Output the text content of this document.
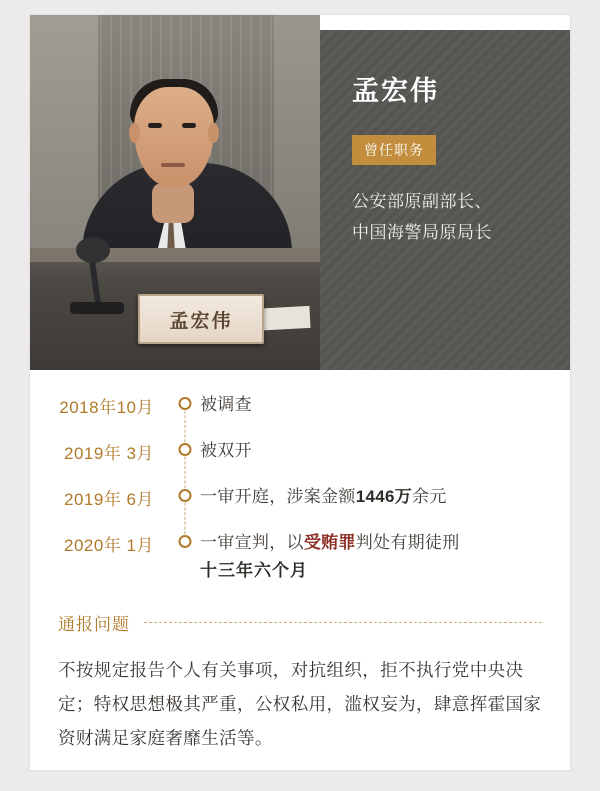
孟宏伟
孟宏伟
曾任职务
公安部原副部长、
中国海警局原局长
2018年10月	被调查
2019年 3月	被双开
2019年 6月	一审开庭，涉案金额1446万余元
2020年 1月	一审宣判，以受贿罪判处有期徒刑
十三年六个月
通报问题
不按规定报告个人有关事项，对抗组织，拒不执行党中央决定；特权思想极其严重，公权私用，滥权妄为，肆意挥霍国家资财满足家庭奢靡生活等。
